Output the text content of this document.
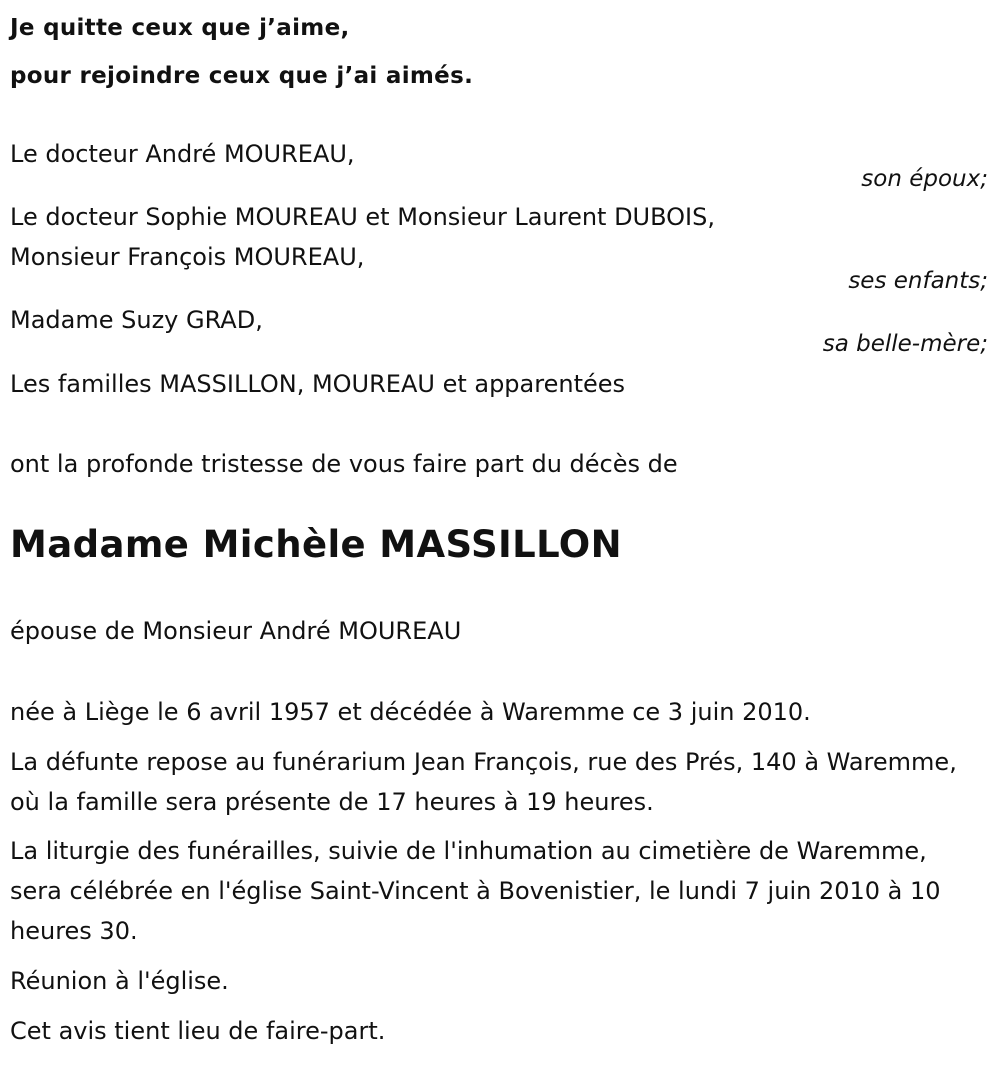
Je quitte ceux que j’aime,

pour rejoindre ceux que j’ai aimés.

Le docteur André MOUREAU,
son époux;
Le docteur Sophie MOUREAU et Monsieur Laurent DUBOIS,
Monsieur François MOUREAU,
ses enfants;
Madame Suzy GRAD,
sa belle-mère;
Les familles MASSILLON, MOUREAU et apparentées
ont la profonde tristesse de vous faire part du décès de
Madame Michèle MASSILLON
épouse de Monsieur André MOUREAU
née à Liège le 6 avril 1957 et décédée à Waremme ce 3 juin 2010.
La défunte repose au funérarium Jean François, rue des Prés, 140 à Waremme, où la famille sera présente de 17 heures à 19 heures.
La liturgie des funérailles, suivie de l'inhumation au cimetière de Waremme, sera célébrée en l'église Saint-Vincent à Bovenistier, le lundi 7 juin 2010 à 10 heures 30.
Réunion à l'église.
Cet avis tient lieu de faire-part.
